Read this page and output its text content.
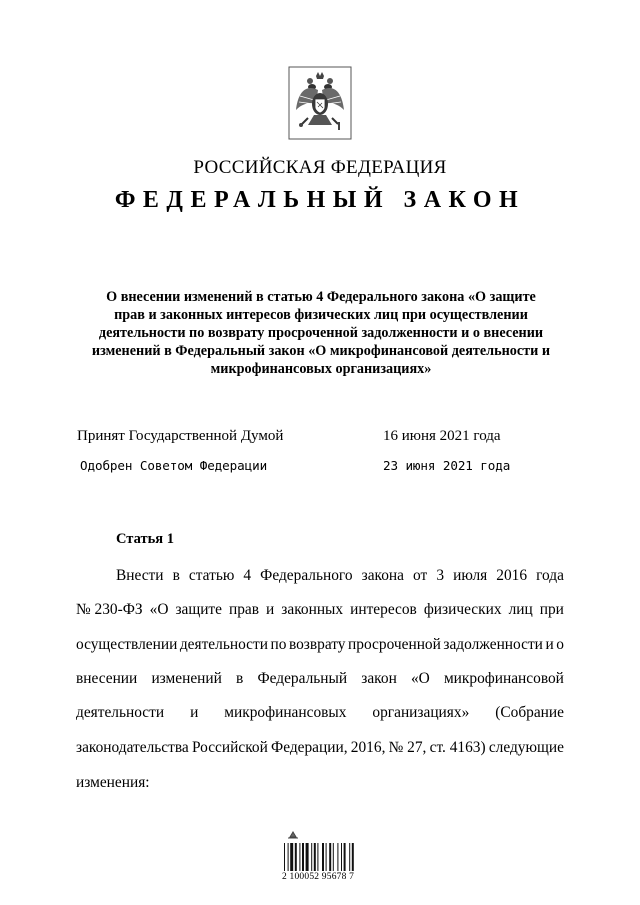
РОССИЙСКАЯ ФЕДЕРАЦИЯ
ФЕДЕРАЛЬНЫЙ ЗАКОН
О внесении изменений в статью 4 Федерального закона «О защите
прав и законных интересов физических лиц при осуществлении
деятельности по возврату просроченной задолженности и о внесении
изменений в Федеральный закон «О микрофинансовой деятельности и
микрофинансовых организациях»
Принят Государственной Думой	16 июня 2021 года
Одобрен Советом Федерации	23 июня 2021 года
Статья 1
Внести в статью 4 Федерального закона от 3 июля 2016 года
№ 230-ФЗ «О защите прав и законных интересов физических лиц при
осуществлении деятельности по возврату просроченной задолженности и о
внесении изменений в Федеральный закон «О микрофинансовой
деятельности и микрофинансовых организациях» (Собрание
законодательства Российской Федерации, 2016, № 27, ст. 4163) следующие
изменения:
2 100052 95678 7
